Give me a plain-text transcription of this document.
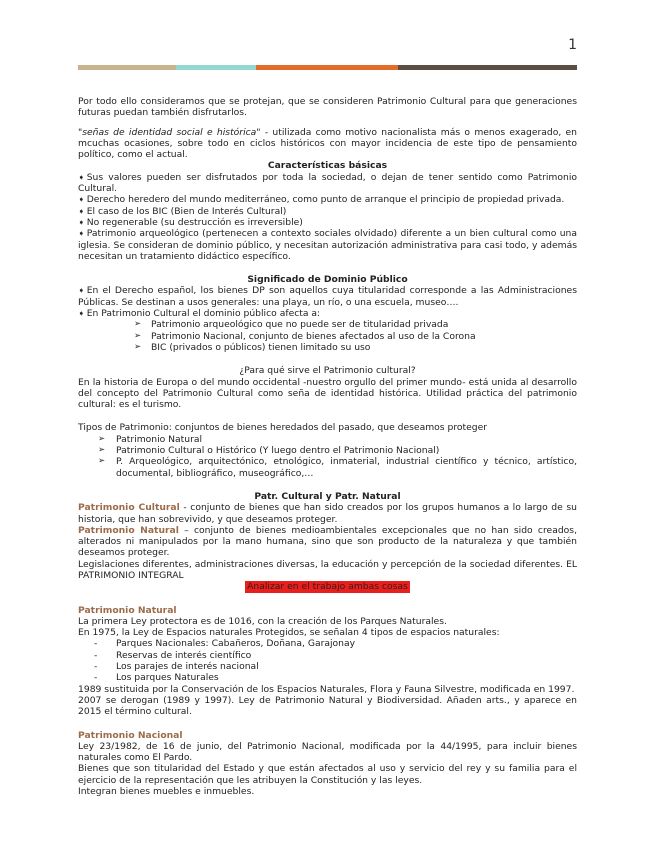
1

Por todo ello consideramos que se protejan, que se consideren Patrimonio Cultural para que generaciones futuras puedan también disfrutarlos.

"señas de identidad social e histórica" - utilizada como motivo nacionalista más o menos exagerado, en mcuchas ocasiones, sobre todo en ciclos históricos con mayor incidencia de este tipo de pensamiento político, como el actual.

Características básicas

➧ Sus valores pueden ser disfrutados por toda la sociedad, o dejan de tener sentido como Patrimonio Cultural.

➧ Derecho heredero del mundo mediterráneo, como punto de arranque el principio de propiedad privada.

➧ El caso de los BIC (Bien de Interés Cultural)

➧ No regenerable (su destrucción es irreversible)

➧ Patrimonio arqueológico (pertenecen a contexto sociales olvidado) diferente a un bien cultural como una iglesia. Se consideran de dominio público, y necesitan autorización administrativa para casi todo, y además necesitan un tratamiento didáctico específico.

Significado de Dominio Público

➧ En el Derecho español, los bienes DP son aquellos cuya titularidad corresponde a las Administraciones Públicas. Se destinan a usos generales: una playa, un río, o una escuela, museo….

➧ En Patrimonio Cultural el dominio público afecta a:

➢ Patrimonio arqueológico que no puede ser de titularidad privada
➢ Patrimonio Nacional, conjunto de bienes afectados al uso de la Corona
➢ BIC (privados o públicos) tienen limitado su uso

¿Para qué sirve el Patrimonio cultural?

En la historia de Europa o del mundo occidental -nuestro orgullo del primer mundo- está unida al desarrollo del concepto del Patrimonio Cultural como seña de identidad histórica. Utilidad práctica del patrimonio cultural: es el turismo.

Tipos de Patrimonio: conjuntos de bienes heredados del pasado, que deseamos proteger

➢ Patrimonio Natural
➢ Patrimonio Cultural o Histórico (Y luego dentro el Patrimonio Nacional)
➢ P. Arqueológico, arquitectónico, etnológico, inmaterial, industrial científico y técnico, artístico, documental, bibliográfico, museográfico,…

Patr. Cultural y Patr. Natural

Patrimonio Cultural - conjunto de bienes que han sido creados por los grupos humanos a lo largo de su historia, que han sobrevivido, y que deseamos proteger.

Patrimonio Natural – conjunto de bienes medioambientales excepcionales que no han sido creados, alterados ni manipulados por la mano humana, sino que son producto de la naturaleza y que también deseamos proteger.

Legislaciones diferentes, administraciones diversas, la educación y percepción de la sociedad diferentes. EL PATRIMONIO INTEGRAL

Analizar en el trabajo ambas cosas

Patrimonio Natural

La primera Ley protectora es de 1016, con la creación de los Parques Naturales.

En 1975, la Ley de Espacios naturales Protegidos, se señalan 4 tipos de espacios naturales:

- Parques Nacionales: Cabañeros, Doñana, Garajonay
- Reservas de interés científico
- Los parajes de interés nacional
- Los parques Naturales

1989 sustituida por la Conservación de los Espacios Naturales, Flora y Fauna Silvestre, modificada en 1997.

2007 se derogan (1989 y 1997). Ley de Patrimonio Natural y Biodiversidad. Añaden arts., y aparece en 2015 el término cultural.

Patrimonio Nacional

Ley 23/1982, de 16 de junio, del Patrimonio Nacional, modificada por la 44/1995, para incluir bienes naturales como El Pardo.

Bienes que son titularidad del Estado y que están afectados al uso y servicio del rey y su familia para el ejercicio de la representación que les atribuyen la Constitución y las leyes.

Integran bienes muebles e inmuebles.
